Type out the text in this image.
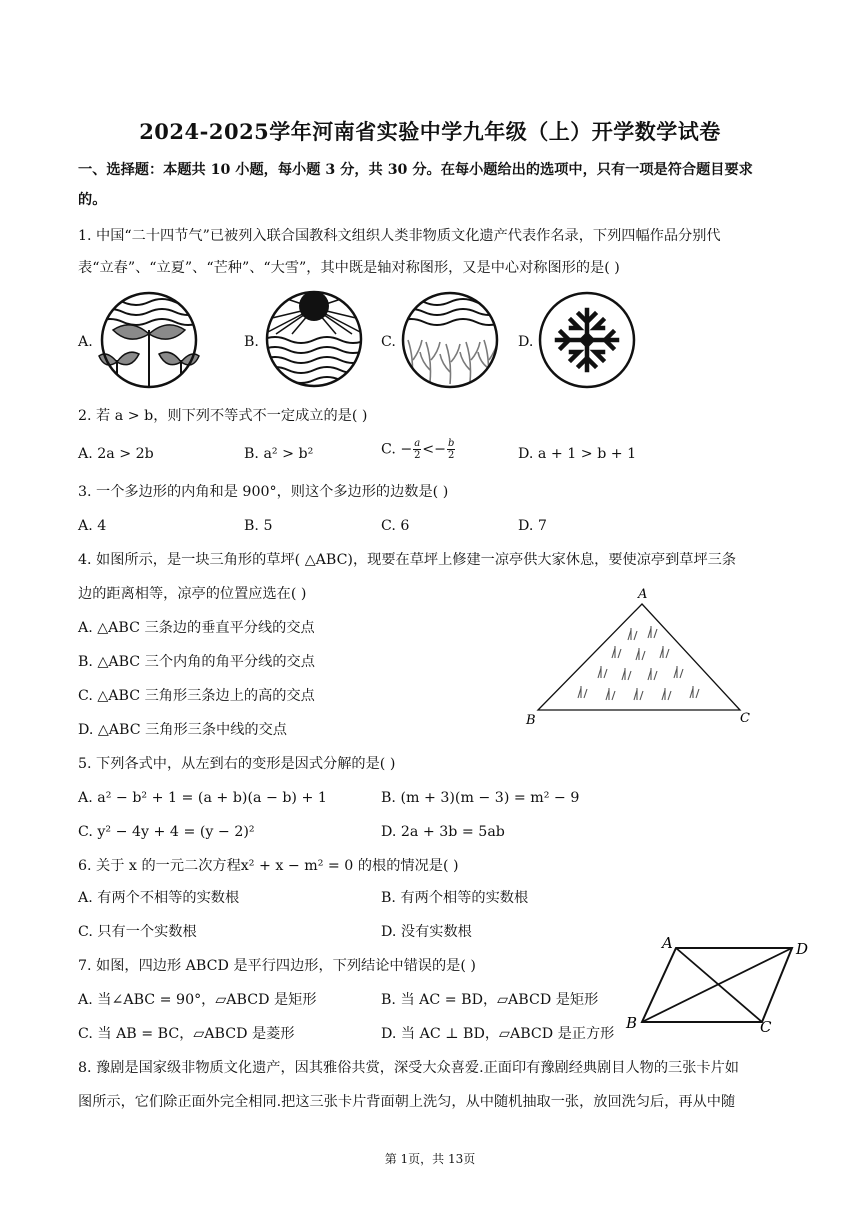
2024-2025学年河南省实验中学九年级（上）开学数学试卷
一、选择题：本题共 10 小题，每小题 3 分，共 30 分。在每小题给出的选项中，只有一项是符合题目要求
的。
1. 中国“二十四节气”已被列入联合国教科文组织人类非物质文化遗产代表作名录，下列四幅作品分别代
表“立春”、“立夏”、“芒种”、“大雪”，其中既是轴对称图形，又是中心对称图形的是( )
A.	B.	C.	D.
2. 若 a > b，则下列不等式不一定成立的是( )
A. 2a > 2b	B. a² > b²	C. − $\frac{a}{2} <- \frac{b}{2}$	D. a + 1 > b + 1
3. 一个多边形的内角和是 900°，则这个多边形的边数是( )
A. 4	B. 5	C. 6	D. 7
4. 如图所示，是一块三角形的草坪( △ABC)，现要在草坪上修建一凉亭供大家休息，要使凉亭到草坪三条
边的距离相等，凉亭的位置应选在( )
A. △ABC 三条边的垂直平分线的交点
B. △ABC 三个内角的角平分线的交点
C. △ABC 三角形三条边上的高的交点
D. △ABC 三角形三条中线的交点
A
B	C
5. 下列各式中，从左到右的变形是因式分解的是( )
A. a² − b² + 1 = (a + b)(a − b) + 1	B. (m + 3)(m − 3) = m² − 9
C. y² − 4y + 4 = (y − 2)²	D. 2a + 3b = 5ab
6. 关于 x 的一元二次方程x² + x − m² = 0 的根的情况是( )
A. 有两个不相等的实数根	B. 有两个相等的实数根
C. 只有一个实数根	D. 没有实数根
7. 如图，四边形 ABCD 是平行四边形，下列结论中错误的是( )
A. 当∠ABC = 90°，▱ABCD 是矩形	B. 当 AC = BD，▱ABCD 是矩形
C. 当 AB = BC，▱ABCD 是菱形	D. 当 AC ⊥ BD，▱ABCD 是正方形
A	D
B	C
8. 豫剧是国家级非物质文化遗产，因其雅俗共赏，深受大众喜爱.正面印有豫剧经典剧目人物的三张卡片如
图所示，它们除正面外完全相同.把这三张卡片背面朝上洗匀，从中随机抽取一张，放回洗匀后，再从中随
第 1页，共 13页
